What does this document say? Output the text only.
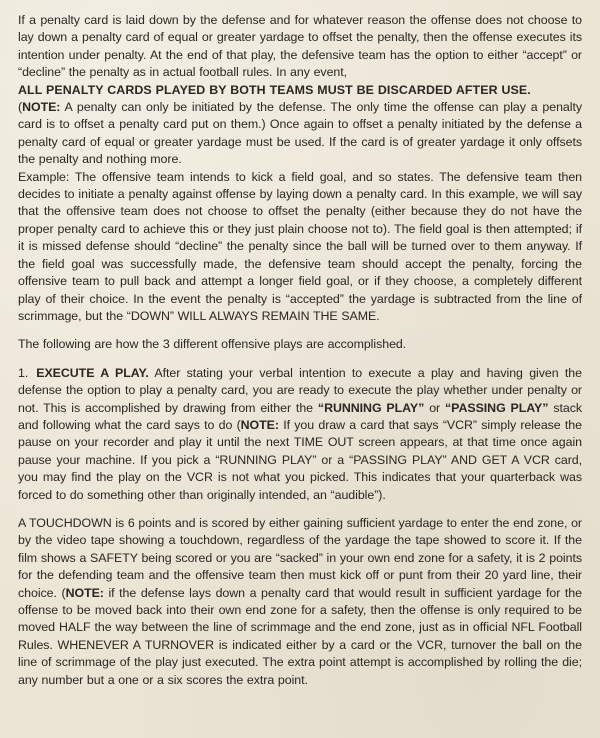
If a penalty card is laid down by the defense and for whatever reason the offense does not choose to lay down a penalty card of equal or greater yardage to offset the penalty, then the offense executes its intention under penalty. At the end of that play, the defensive team has the option to either “accept” or “decline” the penalty as in actual football rules. In any event,
ALL PENALTY CARDS PLAYED BY BOTH TEAMS MUST BE DISCARDED AFTER USE.
(NOTE: A penalty can only be initiated by the defense. The only time the offense can play a penalty card is to offset a penalty card put on them.) Once again to offset a penalty initiated by the defense a penalty card of equal or greater yardage must be used. If the card is of greater yardage it only offsets the penalty and nothing more.
Example: The offensive team intends to kick a field goal, and so states. The defensive team then decides to initiate a penalty against offense by laying down a penalty card. In this example, we will say that the offensive team does not choose to offset the penalty (either because they do not have the proper penalty card to achieve this or they just plain choose not to). The field goal is then attempted; if it is missed defense should “decline” the penalty since the ball will be turned over to them anyway. If the field goal was successfully made, the defensive team should accept the penalty, forcing the offensive team to pull back and attempt a longer field goal, or if they choose, a completely different play of their choice. In the event the penalty is “accepted” the yardage is subtracted from the line of scrimmage, but the “DOWN” WILL ALWAYS REMAIN THE SAME.

The following are how the 3 different offensive plays are accomplished.

1. EXECUTE A PLAY. After stating your verbal intention to execute a play and having given the defense the option to play a penalty card, you are ready to execute the play whether under penalty or not. This is accomplished by drawing from either the “RUNNING PLAY” or “PASSING PLAY” stack and following what the card says to do (NOTE: If you draw a card that says “VCR” simply release the pause on your recorder and play it until the next TIME OUT screen appears, at that time once again pause your machine. If you pick a “RUNNING PLAY” or a “PASSING PLAY” AND GET A VCR card, you may find the play on the VCR is not what you picked. This indicates that your quarterback was forced to do something other than originally intended, an “audible”).

A TOUCHDOWN is 6 points and is scored by either gaining sufficient yardage to enter the end zone, or by the video tape showing a touchdown, regardless of the yardage the tape showed to score it. If the film shows a SAFETY being scored or you are “sacked” in your own end zone for a safety, it is 2 points for the defending team and the offensive team then must kick off or punt from their 20 yard line, their choice. (NOTE: if the defense lays down a penalty card that would result in sufficient yardage for the offense to be moved back into their own end zone for a safety, then the offense is only required to be moved HALF the way between the line of scrimmage and the end zone, just as in official NFL Football Rules. WHENEVER A TURNOVER is indicated either by a card or the VCR, turnover the ball on the line of scrimmage of the play just executed. The extra point attempt is accomplished by rolling the die; any number but a one or a six scores the extra point.
